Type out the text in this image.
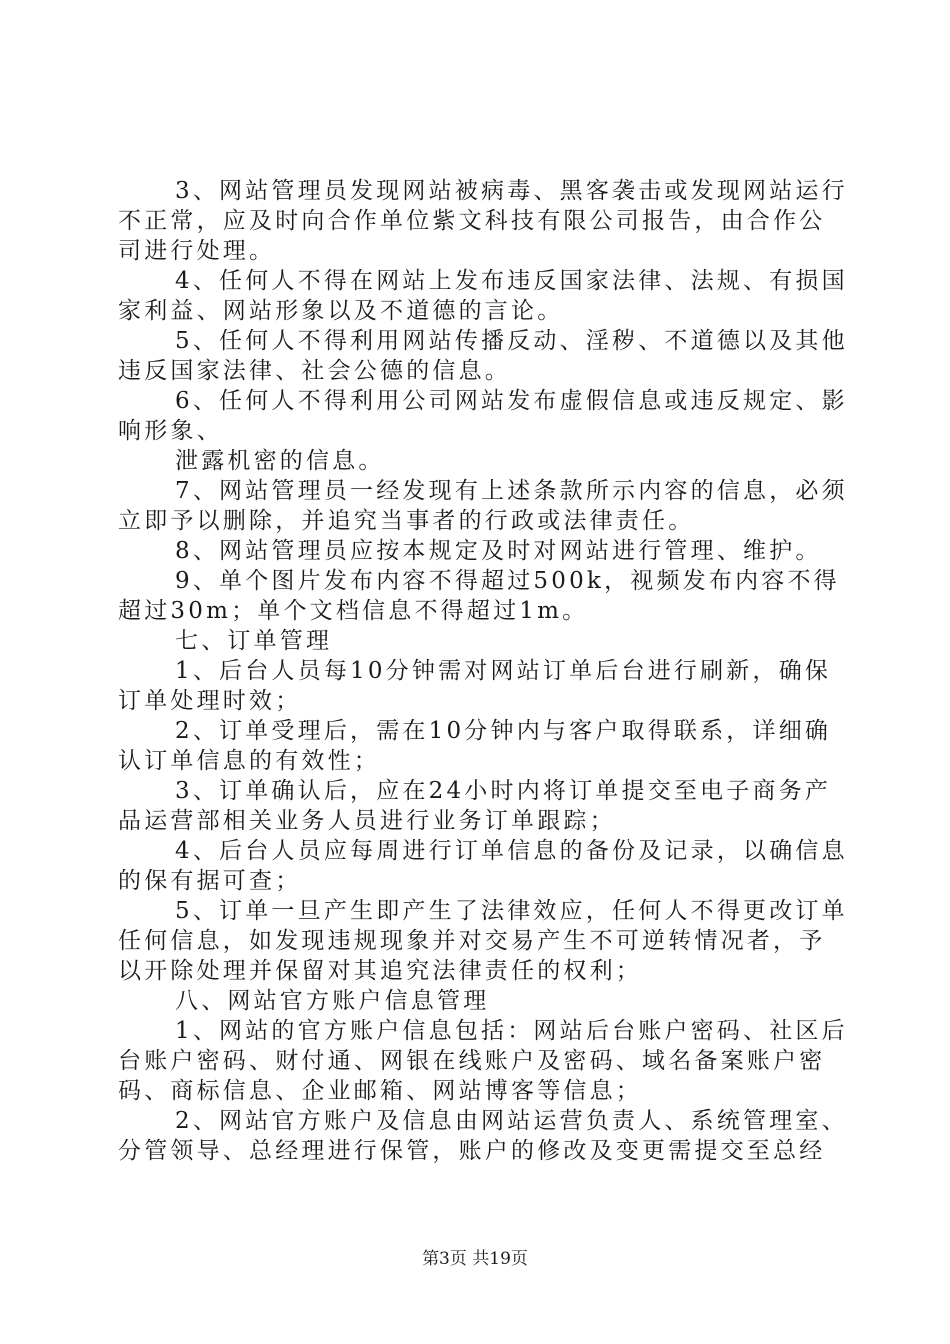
3、网站管理员发现网站被病毒、黑客袭击或发现网站运行
不正常，应及时向合作单位紫文科技有限公司报告，由合作公
司进行处理。
4、任何人不得在网站上发布违反国家法律、法规、有损国
家利益、网站形象以及不道德的言论。
5、任何人不得利用网站传播反动、淫秽、不道德以及其他
违反国家法律、社会公德的信息。
6、任何人不得利用公司网站发布虚假信息或违反规定、影
响形象、
泄露机密的信息。
7、网站管理员一经发现有上述条款所示内容的信息，必须
立即予以删除，并追究当事者的行政或法律责任。
8、网站管理员应按本规定及时对网站进行管理、维护。
9、单个图片发布内容不得超过500k，视频发布内容不得
超过30m；单个文档信息不得超过1m。
七、订单管理
1、后台人员每10分钟需对网站订单后台进行刷新，确保
订单处理时效；
2、订单受理后，需在10分钟内与客户取得联系，详细确
认订单信息的有效性；
3、订单确认后，应在24小时内将订单提交至电子商务产
品运营部相关业务人员进行业务订单跟踪；
4、后台人员应每周进行订单信息的备份及记录，以确信息
的保有据可查；
5、订单一旦产生即产生了法律效应，任何人不得更改订单
任何信息，如发现违规现象并对交易产生不可逆转情况者，予
以开除处理并保留对其追究法律责任的权利；
八、网站官方账户信息管理
1、网站的官方账户信息包括：网站后台账户密码、社区后
台账户密码、财付通、网银在线账户及密码、域名备案账户密
码、商标信息、企业邮箱、网站博客等信息；
2、网站官方账户及信息由网站运营负责人、系统管理室、
分管领导、总经理进行保管，账户的修改及变更需提交至总经
第3页 共19页
